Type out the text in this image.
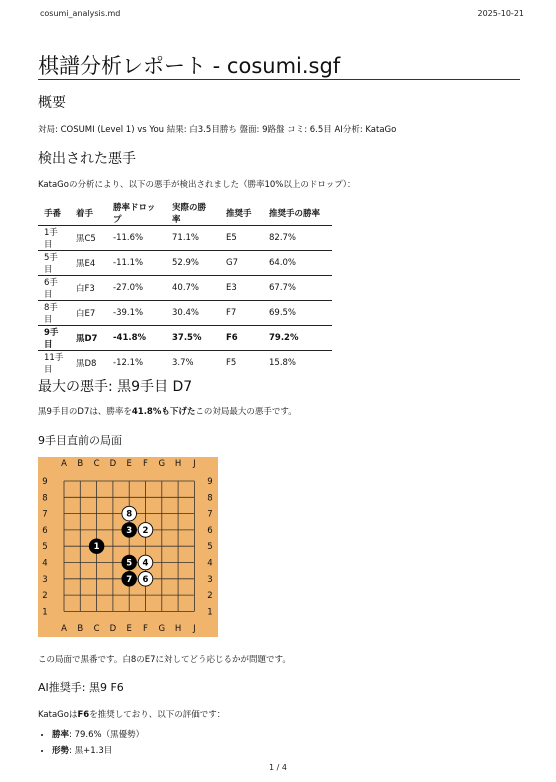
cosumi_analysis.md	2025-10-21
棋譜分析レポート - cosumi.sgf
概要

対局: COSUMI (Level 1) vs You 結果: 白3.5目勝ち 盤面: 9路盤 コミ: 6.5目 AI分析: KataGo

検出された悪手

KataGoの分析により、以下の悪手が検出されました（勝率10%以上のドロップ）：

手番	着手	勝率ドロップ	実際の勝率	推奨手	推奨手の勝率
1手目	黒C5	-11.6%	71.1%	E5	82.7%
5手目	黒E4	-11.1%	52.9%	G7	64.0%
6手目	白F3	-27.0%	40.7%	E3	67.7%
8手目	白E7	-39.1%	30.4%	F7	69.5%
9手目	黒D7	-41.8%	37.5%	F6	79.2%
11手目	黒D8	-12.1%	3.7%	F5	15.8%
最大の悪手: 黒9手目 D7

黒9手目のD7は、勝率を41.8%も下げたこの対局最大の悪手です。

9手目直前の局面
A
A
B
B
C
C
D
D
E
E
F
F
G
G
H
H
J
J
9	9
8	8
7	7
6	6
5	5
4	4
3	3
2	2
1	1
1
2
3
4
5
6
7
8

この局面で黒番です。白8のE7に対してどう応じるかが問題です。

AI推奨手: 黒9 F6

KataGoはF6を推奨しており、以下の評価です：

• 勝率: 79.6%（黒優勢）
• 形勢: 黒+1.3目
1 / 4
